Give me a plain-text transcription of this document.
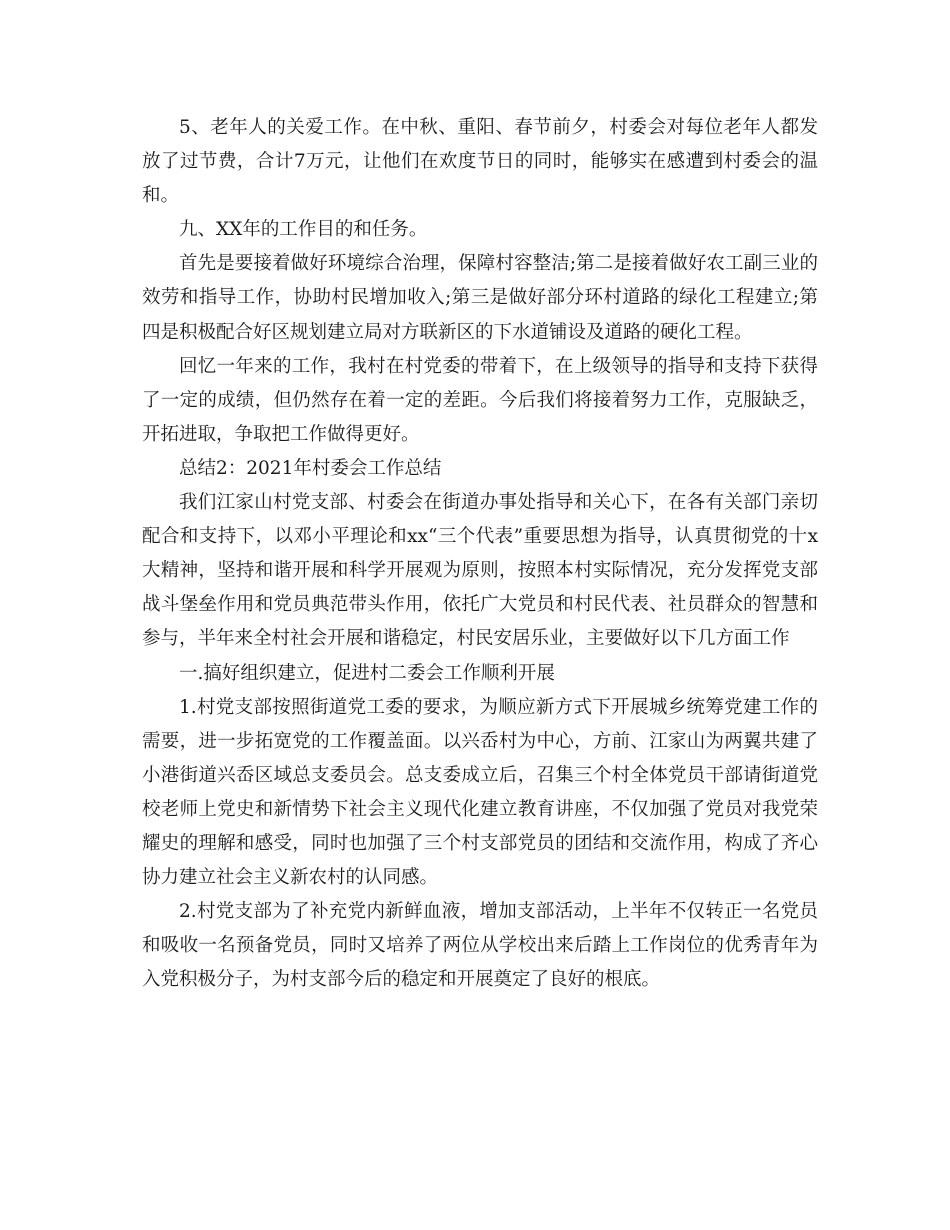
5、老年人的关爱工作。在中秋、重阳、春节前夕，村委会对每位老年人都发放了过节费，合计7万元，让他们在欢度节日的同时，能够实在感遭到村委会的温和。

九、XX年的工作目的和任务。

首先是要接着做好环境综合治理，保障村容整洁;第二是接着做好农工副三业的效劳和指导工作，协助村民增加收入;第三是做好部分环村道路的绿化工程建立;第四是积极配合好区规划建立局对方联新区的下水道铺设及道路的硬化工程。

回忆一年来的工作，我村在村党委的带着下，在上级领导的指导和支持下获得了一定的成绩，但仍然存在着一定的差距。今后我们将接着努力工作，克服缺乏，开拓进取，争取把工作做得更好。

总结2：2021年村委会工作总结

我们江家山村党支部、村委会在街道办事处指导和关心下，在各有关部门亲切配合和支持下，以邓小平理论和xx“三个代表”重要思想为指导，认真贯彻党的十x大精神，坚持和谐开展和科学开展观为原则，按照本村实际情况，充分发挥党支部战斗堡垒作用和党员典范带头作用，依托广大党员和村民代表、社员群众的智慧和参与，半年来全村社会开展和谐稳定，村民安居乐业，主要做好以下几方面工作

一.搞好组织建立，促进村二委会工作顺利开展

1.村党支部按照街道党工委的要求，为顺应新方式下开展城乡统筹党建工作的需要，进一步拓宽党的工作覆盖面。以兴岙村为中心，方前、江家山为两翼共建了小港街道兴岙区域总支委员会。总支委成立后，召集三个村全体党员干部请街道党校老师上党史和新情势下社会主义现代化建立教育讲座，不仅加强了党员对我党荣耀史的理解和感受，同时也加强了三个村支部党员的团结和交流作用，构成了齐心协力建立社会主义新农村的认同感。

2.村党支部为了补充党内新鲜血液，增加支部活动，上半年不仅转正一名党员和吸收一名预备党员，同时又培养了两位从学校出来后踏上工作岗位的优秀青年为入党积极分子，为村支部今后的稳定和开展奠定了良好的根底。
